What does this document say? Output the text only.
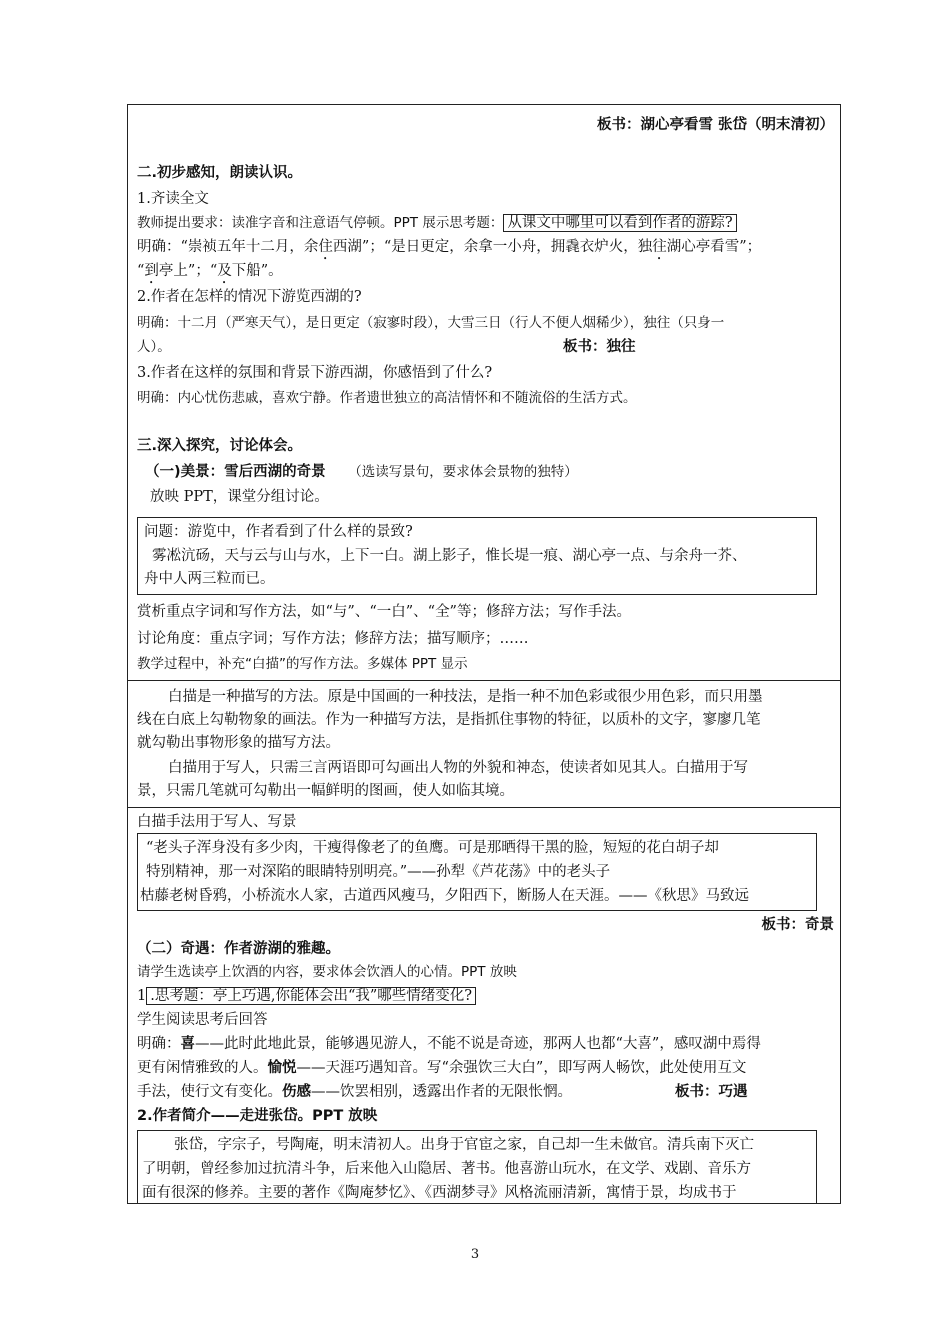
板书：湖心亭看雪 张岱（明末清初）
二.初步感知，朗读认识。
1.齐读全文
教师提出要求：读准字音和注意语气停顿。PPT 展示思考题： 从课文中哪里可以看到作者的游踪?
明确：“崇祯五年十二月，余住西湖”；“是日更定，余拿一小舟，拥毳衣炉火，独往湖心亭看雪”；
“到亭上”；“及下船”。
2.作者在怎样的情况下游览西湖的?
明确：十二月（严寒天气），是日更定（寂寥时段），大雪三日（行人不便人烟稀少），独往（只身一
人）。	板书：独往
3.作者在这样的氛围和背景下游西湖，你感悟到了什么?
明确：内心忧伤悲戚，喜欢宁静。作者遗世独立的高洁情怀和不随流俗的生活方式。
三.深入探究，讨论体会。
（一)美景：雪后西湖的奇景 （选读写景句，要求体会景物的独特）
放映 PPT，课堂分组讨论。
问题：游览中，作者看到了什么样的景致?
雾凇沆砀，天与云与山与水，上下一白。湖上影子，惟长堤一痕、湖心亭一点、与余舟一芥、
舟中人两三粒而已。
赏析重点字词和写作方法，如“与”、“一白”、“全”等；修辞方法；写作手法。
讨论角度：重点字词；写作方法；修辞方法；描写顺序；……
教学过程中，补充“白描”的写作方法。多媒体 PPT 显示
白描是一种描写的方法。原是中国画的一种技法，是指一种不加色彩或很少用色彩，而只用墨
线在白底上勾勒物象的画法。作为一种描写方法，是指抓住事物的特征，以质朴的文字，寥廖几笔
就勾勒出事物形象的描写方法。
白描用于写人，只需三言两语即可勾画出人物的外貌和神态，使读者如见其人。白描用于写
景，只需几笔就可勾勒出一幅鲜明的图画，使人如临其境。
白描手法用于写人、写景
“老头子浑身没有多少肉，干瘦得像老了的鱼鹰。可是那晒得干黑的脸，短短的花白胡子却
特别精神，那一对深陷的眼睛特别明亮。”——孙犁《芦花荡》中的老头子
枯藤老树昏鸦，小桥流水人家，古道西风瘦马，夕阳西下，断肠人在天涯。——《秋思》马致远
板书：奇景
（二）奇遇：作者游湖的雅趣。
请学生选读亭上饮酒的内容，要求体会饮酒人的心情。PPT 放映
1 .思考题：亭上巧遇,你能体会出“我”哪些情绪变化?
学生阅读思考后回答
明确：喜——此时此地此景，能够遇见游人，不能不说是奇迹，那两人也都“大喜”，感叹湖中焉得
更有闲情雅致的人。愉悦——天涯巧遇知音。写“余强饮三大白”，即写两人畅饮，此处使用互文
手法，使行文有变化。伤感——饮罢相别，透露出作者的无限怅惘。	板书：巧遇
2.作者简介——走进张岱。PPT 放映
张岱，字宗子，号陶庵，明末清初人。出身于官宦之家，自己却一生未做官。清兵南下灭亡
了明朝，曾经参加过抗清斗争，后来他入山隐居、著书。他喜游山玩水，在文学、戏剧、音乐方
面有很深的修养。主要的著作《陶庵梦忆》、《西湖梦寻》风格流丽清新，寓情于景，均成书于
3
